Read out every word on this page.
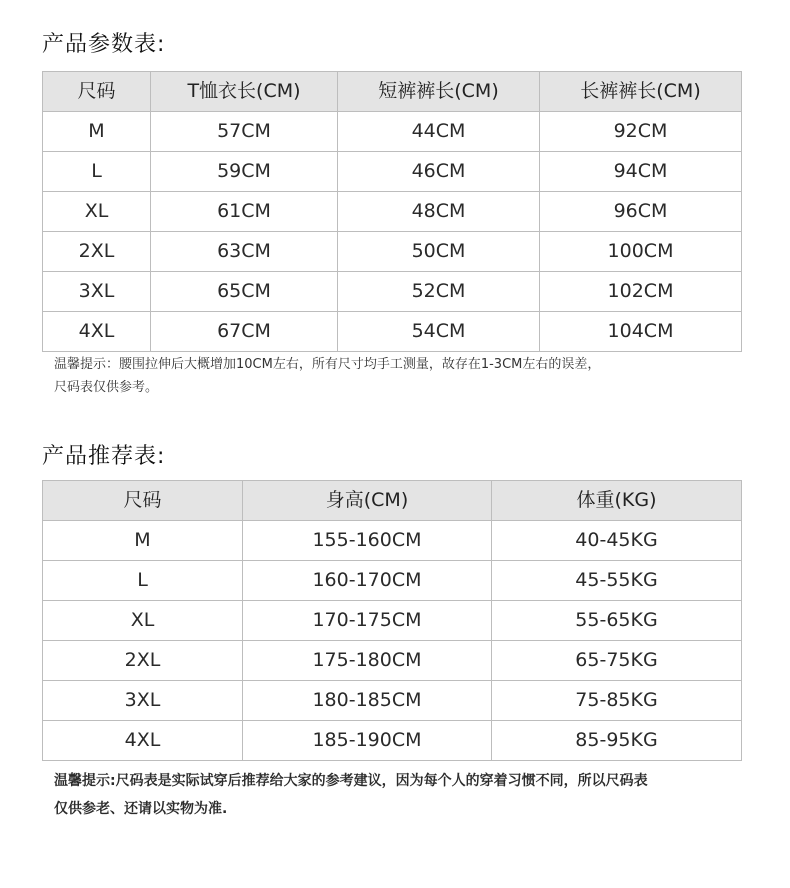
产品参数表:
尺码	T恤衣长(CM)	短裤裤长(CM)	长裤裤长(CM)
M	57CM	44CM	92CM
L	59CM	46CM	94CM
XL	61CM	48CM	96CM
2XL	63CM	50CM	100CM
3XL	65CM	52CM	102CM
4XL	67CM	54CM	104CM
温馨提示：腰围拉伸后大概增加10CM左右，所有尺寸均手工测量，故存在1-3CM左右的误差，
尺码表仅供参考。
产品推荐表:
尺码	身高(CM)	体重(KG)
M	155-160CM	40-45KG
L	160-170CM	45-55KG
XL	170-175CM	55-65KG
2XL	175-180CM	65-75KG
3XL	180-185CM	75-85KG
4XL	185-190CM	85-95KG
温馨提示:尺码表是实际试穿后推荐给大家的参考建议，因为每个人的穿着习惯不同，所以尺码表
仅供参老、还请以实物为准.
